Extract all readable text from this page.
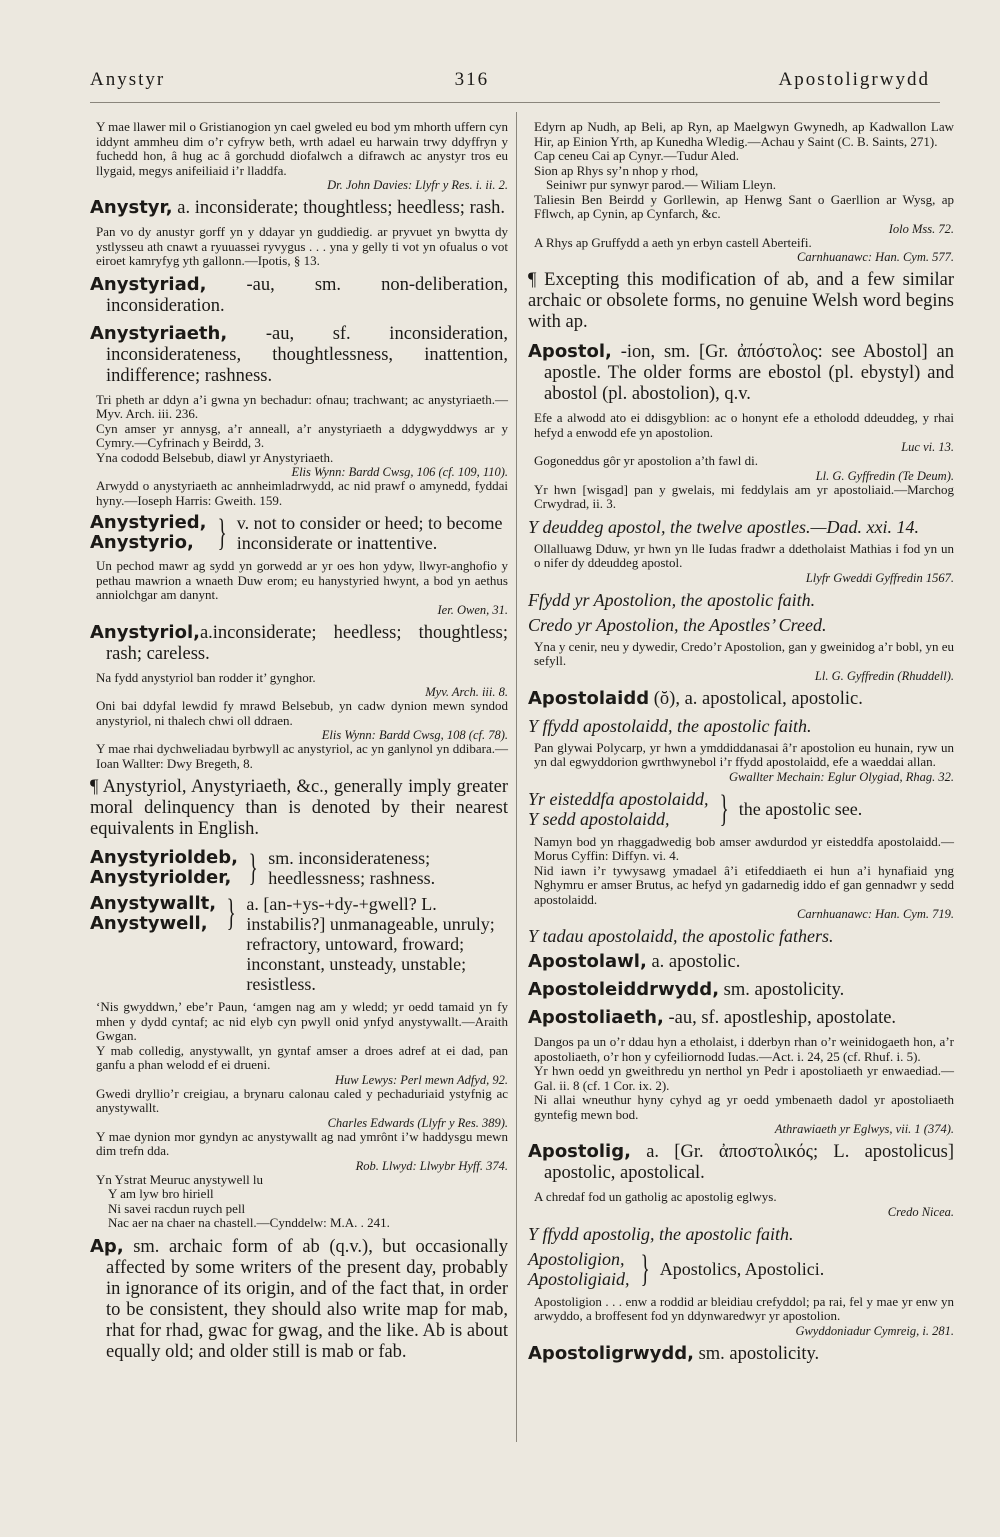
Anystyr	316	Apostoligrwydd

Y mae llawer mil o Gristianogion yn cael gweled eu bod ym mhorth uffern cyn iddynt ammheu dim o’r cyfryw beth, wrth adael eu harwain trwy ddyffryn y fuchedd hon, â hug ac â gorchudd diofalwch a difrawch ac anystyr tros eu llygaid, megys anifeiliaid i’r lladdfa.

Dr. John Davies: Llyfr y Res. i. ii. 2.

Anystyr, a. inconsiderate; thoughtless; heedless; rash.

Pan vo dy anustyr gorff yn y ddayar yn guddiedig. ar pryvuet yn bwytta dy ystlysseu ath cnawt a ryuuassei ryvygus . . . yna y gelly ti vot yn ofualus o vot eiroet kamryfyg yth gallonn.—Ipotis, § 13.

Anystyriad, -au, sm. non-deliberation, inconsideration.
Anystyriaeth, -au, sf. inconsideration, inconsiderateness, thoughtlessness, inattention, indifference; rashness.

Tri pheth ar ddyn a’i gwna yn bechadur: ofnau; trachwant; ac anystyriaeth.—Myv. Arch. iii. 236.

Cyn amser yr annysg, a’r anneall, a’r anystyriaeth a ddygwyddwys ar y Cymry.—Cyfrinach y Beirdd, 3.

Yna cododd Belsebub, diawl yr Anystyriaeth.

Elis Wynn: Bardd Cwsg, 106 (cf. 109, 110).

Arwydd o anystyriaeth ac annheimladrwydd, ac nid prawf o amynedd, fyddai hyny.—Ioseph Harris: Gweith. 159.

Anystyried,
Anystyrio, } v. not to consider or heed; to become inconsiderate or inattentive.

Un pechod mawr ag sydd yn gorwedd ar yr oes hon ydyw, llwyr-anghofio y pethau mawrion a wnaeth Duw erom; eu hanystyried hwynt, a bod yn aethus anniolchgar am danynt.

Ier. Owen, 31.

Anystyriol,a.inconsiderate; heedless; thoughtless; rash; careless.

Na fydd anystyriol ban rodder it’ gynghor.

Myv. Arch. iii. 8.

Oni bai ddyfal lewdid fy mrawd Belsebub, yn cadw dynion mewn syndod anystyriol, ni thalech chwi oll ddraen.

Elis Wynn: Bardd Cwsg, 108 (cf. 78).

Y mae rhai dychweliadau byrbwyll ac anystyriol, ac yn ganlynol yn ddibara.—Ioan Wallter: Dwy Bregeth, 8.

¶ Anystyriol, Anystyriaeth, &c., generally imply greater moral delinquency than is denoted by their nearest equivalents in English.
Anystyrioldeb,
Anystyriolder, } sm. inconsiderateness; heedlessness; rashness.
Anystywallt,
Anystywell, } a. [an-+ys-+dy-+gwell? L. instabilis?] unmanageable, unruly; refractory, untoward, froward; inconstant, unsteady, unstable; resistless.

‘Nis gwyddwn,’ ebe’r Paun, ‘amgen nag am y wledd; yr oedd tamaid yn fy mhen y dydd cyntaf; ac nid elyb cyn pwyll onid ynfyd anystywallt.—Araith Gwgan.

Y mab colledig, anystywallt, yn gyntaf amser a droes adref at ei dad, pan ganfu a phan welodd ef ei drueni.

Huw Lewys: Perl mewn Adfyd, 92.

Gwedi dryllio’r creigiau, a brynaru calonau caled y pechaduriaid ystyfnig ac anystywallt.

Charles Edwards (Llyfr y Res. 389).

Y mae dynion mor gyndyn ac anystywallt ag nad ymrônt i’w haddysgu mewn dim trefn dda.

Rob. Llwyd: Llwybr Hyff. 374.

Yn Ystrat Meuruc anystywell lu

Y am lyw bro hiriell

Ni savei racdun ruych pell

Nac aer na chaer na chastell.—Cynddelw: M.A. . 241.

Ap, sm. archaic form of ab (q.v.), but occasionally affected by some writers of the present day, probably in ignorance of its origin, and of the fact that, in order to be consistent, they should also write map for mab, rhat for rhad, gwac for gwag, and the like. Ab is about equally old; and older still is mab or fab.

Edyrn ap Nudh, ap Beli, ap Ryn, ap Maelgwyn Gwynedh, ap Kadwallon Law Hir, ap Einion Yrth, ap Kunedha Wledig.—Achau y Saint (C. B. Saints, 271).

Cap ceneu Cai ap Cynyr.—Tudur Aled.

Sion ap Rhys sy’n nhop y rhod,

Seiniwr pur synwyr parod.— Wiliam Lleyn.

Taliesin Ben Beirdd y Gorllewin, ap Henwg Sant o Gaerllion ar Wysg, ap Fflwch, ap Cynin, ap Cynfarch, &c.

Iolo Mss. 72.

A Rhys ap Gruffydd a aeth yn erbyn castell Aberteifi.

Carnhuanawc: Han. Cym. 577.

¶ Excepting this modification of ab, and a few similar archaic or obsolete forms, no genuine Welsh word begins with ap.
Apostol, -ion, sm. [Gr. ἀπόστολος: see Abostol] an apostle. The older forms are ebostol (pl. ebystyl) and abostol (pl. abostolion), q.v.

Efe a alwodd ato ei ddisgyblion: ac o honynt efe a etholodd ddeuddeg, y rhai hefyd a enwodd efe yn apostolion.

Luc vi. 13.

Gogoneddus gôr yr apostolion a’th fawl di.

Ll. G. Gyffredin (Te Deum).

Yr hwn [wisgad] pan y gwelais, mi feddylais am yr apostoliaid.—Marchog Crwydrad, ii. 3.

Y deuddeg apostol, the twelve apostles.—Dad. xxi. 14.

Ollalluawg Dduw, yr hwn yn lle Iudas fradwr a ddetholaist Mathias i fod yn un o nifer dy ddeuddeg apostol.

Llyfr Gweddi Gyffredin 1567.

Ffydd yr Apostolion, the apostolic faith.
Credo yr Apostolion, the Apostles’ Creed.

Yna y cenir, neu y dywedir, Credo’r Apostolion, gan y gweinidog a’r bobl, yn eu sefyll.

Ll. G. Gyffredin (Rhuddell).

Apostolaidd (ŏ), a. apostolical, apostolic.
Y ffydd apostolaidd, the apostolic faith.

Pan glywai Polycarp, yr hwn a ymddiddanasai â’r apostolion eu hunain, ryw un yn dal egwyddorion gwrthwynebol i’r ffydd apostolaidd, efe a waeddai allan.

Gwallter Mechain: Eglur Olygiad, Rhag. 32.

Yr eisteddfa apostolaidd,
Y sedd apostolaidd,	} the apostolic see.

Namyn bod yn rhaggadwedig bob amser awdurdod yr eisteddfa apostolaidd.—Morus Cyffin: Diffyn. vi. 4.

Nid iawn i’r tywysawg ymadael â’i etifeddiaeth ei hun a’i hynafiaid yng Nghymru er amser Brutus, ac hefyd yn gadarnedig iddo ef gan gennadwr y sedd apostolaidd.

Carnhuanawc: Han. Cym. 719.

Y tadau apostolaidd, the apostolic fathers.
Apostolawl, a. apostolic.
Apostoleiddrwydd, sm. apostolicity.
Apostoliaeth, -au, sf. apostleship, apostolate.

Dangos pa un o’r ddau hyn a etholaist, i dderbyn rhan o’r weinidogaeth hon, a’r apostoliaeth, o’r hon y cyfeiliornodd Iudas.—Act. i. 24, 25 (cf. Rhuf. i. 5).

Yr hwn oedd yn gweithredu yn nerthol yn Pedr i apostoliaeth yr enwaediad.—Gal. ii. 8 (cf. 1 Cor. ix. 2).

Ni allai wneuthur hyny cyhyd ag yr oedd ymbenaeth dadol yr apostoliaeth gyntefig mewn bod.

Athrawiaeth yr Eglwys, vii. 1 (374).

Apostolig, a. [Gr. ἀποστολικός; L. apostolicus] apostolic, apostolical.

A chredaf fod un gatholig ac apostolig eglwys.

Credo Nicea.

Y ffydd apostolig, the apostolic faith.
Apostoligion,
Apostoligiaid, } Apostolics, Apostolici.

Apostoligion . . . enw a roddid ar bleidiau crefyddol; pa rai, fel y mae yr enw yn arwyddo, a broffesent fod yn ddynwaredwyr yr apostolion.

Gwyddoniadur Cymreig, i. 281.

Apostoligrwydd, sm. apostolicity.
